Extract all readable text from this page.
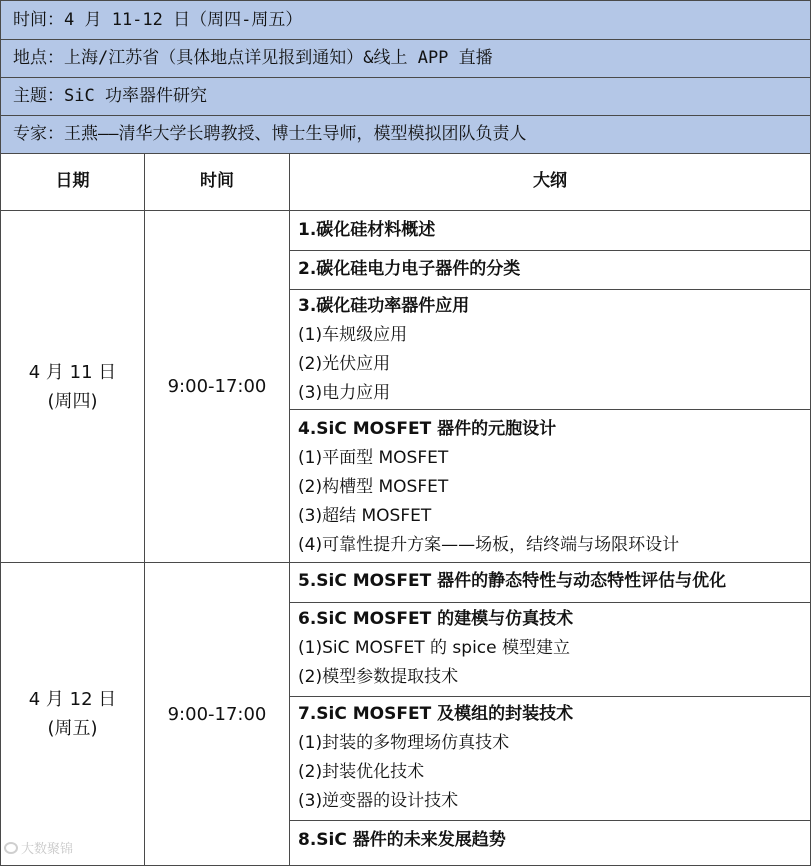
时间：4 月 11-12 日（周四-周五）
地点：上海/江苏省（具体地点详见报到通知）&线上 APP 直播
主题：SiC 功率器件研究
专家：王燕——清华大学长聘教授、博士生导师，模型模拟团队负责人
日期	时间	大纲
4 月 11 日
(周四)
9:00-17:00
1.碳化硅材料概述
2.碳化硅电力电子器件的分类
3.碳化硅功率器件应用
(1)车规级应用
(2)光伏应用
(3)电力应用
4.SiC MOSFET 器件的元胞设计
(1)平面型 MOSFET
(2)构槽型 MOSFET
(3)超结 MOSFET
(4)可靠性提升方案——场板，结终端与场限环设计
4 月 12 日
(周五)
9:00-17:00
5.SiC MOSFET 器件的静态特性与动态特性评估与优化
6.SiC MOSFET 的建模与仿真技术
(1)SiC MOSFET 的 spice 模型建立
(2)模型参数提取技术
7.SiC MOSFET 及模组的封装技术
(1)封装的多物理场仿真技术
(2)封装优化技术
(3)逆变器的设计技术
8.SiC 器件的未来发展趋势
大数聚锦
